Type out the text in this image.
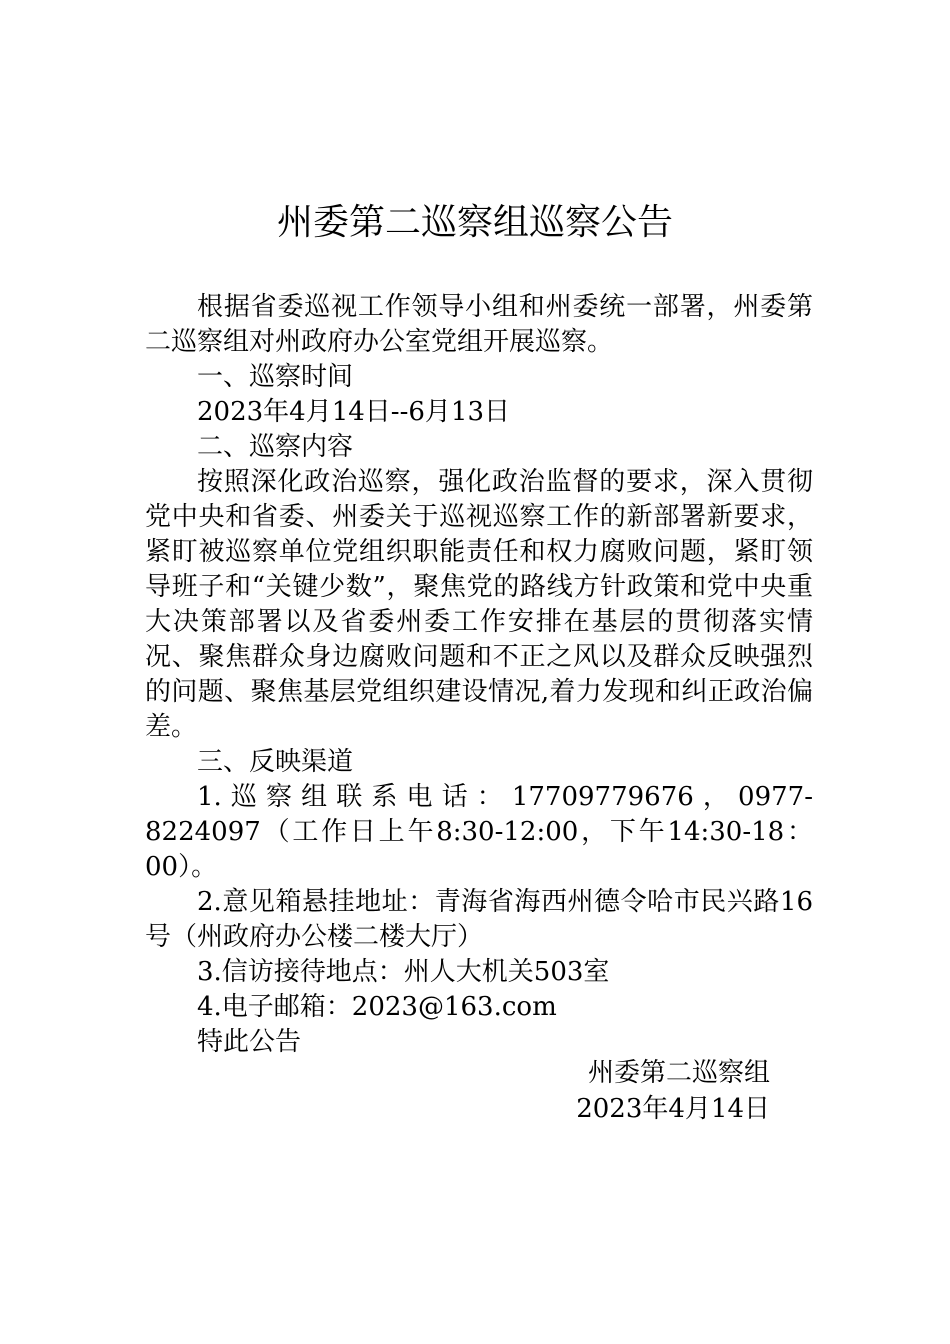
州委第二巡察组巡察公告

根据省委巡视工作领导小组和州委统一部署，州委第二巡察组对州政府办公室党组开展巡察。

一、巡察时间

2023年4月14日--6月13日

二、巡察内容

按照深化政治巡察，强化政治监督的要求，深入贯彻党中央和省委、州委关于巡视巡察工作的新部署新要求，紧盯被巡察单位党组织职能责任和权力腐败问题，紧盯领导班子和“关键少数”，聚焦党的路线方针政策和党中央重大决策部署以及省委州委工作安排在基层的贯彻落实情况、聚焦群众身边腐败问题和不正之风以及群众反映强烈的问题、聚焦基层党组织建设情况,着力发现和纠正政治偏差。

三、反映渠道

1.巡察组联系电话：17709779676，0977-8224097（工作日上午8:30-12:00，下午14:30-18：00）。

2.意见箱悬挂地址：青海省海西州德令哈市民兴路16号（州政府办公楼二楼大厅）

3.信访接待地点：州人大机关503室

4.电子邮箱：2023@163.com

特此公告

州委第二巡察组
2023年4月14日
